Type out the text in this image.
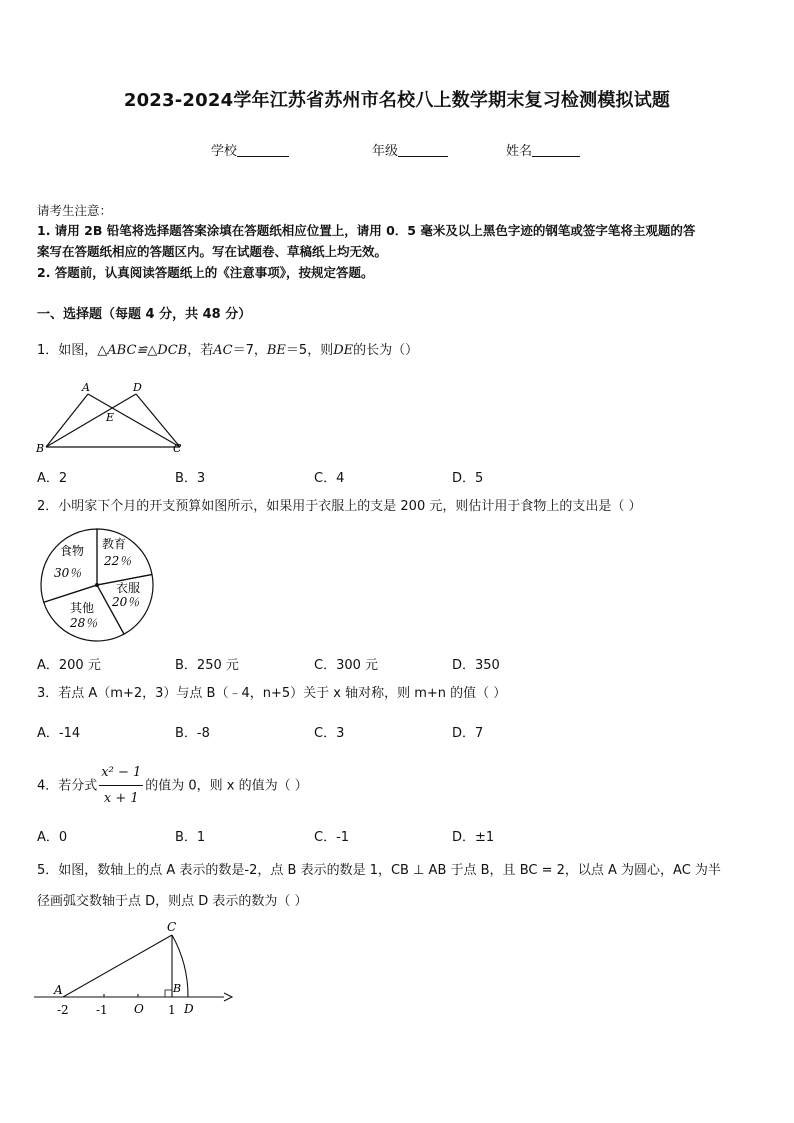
2023-2024学年江苏省苏州市名校八上数学期末复习检测模拟试题
学校	年级	姓名
请考生注意：
1. 请用 2B 铅笔将选择题答案涂填在答题纸相应位置上，请用 0．5 毫米及以上黑色字迹的钢笔或签字笔将主观题的答
案写在答题纸相应的答题区内。写在试题卷、草稿纸上均无效。
2. 答题前，认真阅读答题纸上的《注意事项》，按规定答题。
一、选择题（每题 4 分，共 48 分）
1．如图，△ABC≌△DCB，若AC＝7，BE＝5，则DE的长为（）
A	D
E
B	C
A．2	B．3	C．4	D．5
2．小明家下个月的开支预算如图所示，如果用于衣服上的支是 200 元，则估计用于食物上的支出是（ ）
食物
30％
教育
22％
衣服
20％
其他
28％
A．200 元	B．250 元	C．300 元	D．350
3．若点 A（m+2，3）与点 B（﹣4，n+5）关于 x 轴对称，则 m+n 的值（ ）
A．-14	B．-8	C．3	D．7
4．若分式 $\frac{\text{x² − 1}}{x + 1}$ 的值为 0，则 x 的值为（ ）
A．0	B．1	C．-1	D．±1
5．如图，数轴上的点 A 表示的数是-2，点 B 表示的数是 1，CB ⊥ AB 于点 B，且 BC = 2，以点 A 为圆心，AC 为半
径画弧交数轴于点 D，则点 D 表示的数为（ ）
A
C
B
D
-2 -1 O 1
